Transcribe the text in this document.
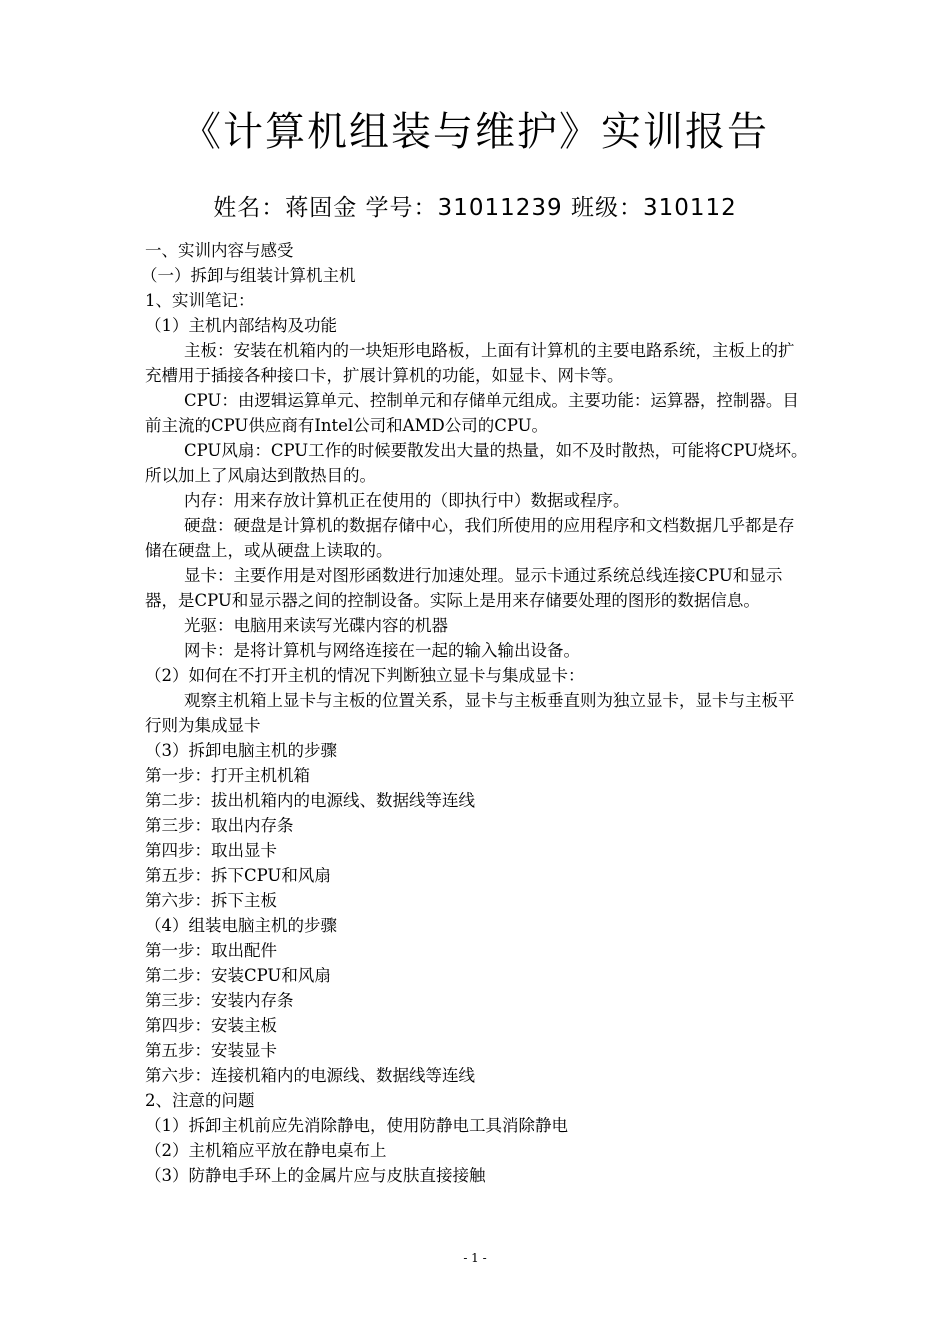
《计算机组装与维护》实训报告
姓名：蒋固金 学号：31011239 班级：310112

一、实训内容与感受

（一）拆卸与组装计算机主机

1、实训笔记：

（1）主机内部结构及功能

主板：安装在机箱内的一块矩形电路板，上面有计算机的主要电路系统，主板上的扩充槽用于插接各种接口卡，扩展计算机的功能，如显卡、网卡等。

CPU：由逻辑运算单元、控制单元和存储单元组成。主要功能：运算器，控制器。目前主流的CPU供应商有Intel公司和AMD公司的CPU。

CPU风扇：CPU工作的时候要散发出大量的热量，如不及时散热，可能将CPU烧坏。所以加上了风扇达到散热目的。

内存：用来存放计算机正在使用的（即执行中）数据或程序。

硬盘：硬盘是计算机的数据存储中心，我们所使用的应用程序和文档数据几乎都是存储在硬盘上，或从硬盘上读取的。

显卡：主要作用是对图形函数进行加速处理。显示卡通过系统总线连接CPU和显示器，是CPU和显示器之间的控制设备。实际上是用来存储要处理的图形的数据信息。

光驱：电脑用来读写光碟内容的机器

网卡：是将计算机与网络连接在一起的输入输出设备。

（2）如何在不打开主机的情况下判断独立显卡与集成显卡：

观察主机箱上显卡与主板的位置关系，显卡与主板垂直则为独立显卡，显卡与主板平行则为集成显卡

（3）拆卸电脑主机的步骤

第一步：打开主机机箱

第二步：拔出机箱内的电源线、数据线等连线

第三步：取出内存条

第四步：取出显卡

第五步：拆下CPU和风扇

第六步：拆下主板

（4）组装电脑主机的步骤

第一步：取出配件

第二步：安装CPU和风扇

第三步：安装内存条

第四步：安装主板

第五步：安装显卡

第六步：连接机箱内的电源线、数据线等连线

2、注意的问题

（1）拆卸主机前应先消除静电，使用防静电工具消除静电

（2）主机箱应平放在静电桌布上

（3）防静电手环上的金属片应与皮肤直接接触

- 1 -
